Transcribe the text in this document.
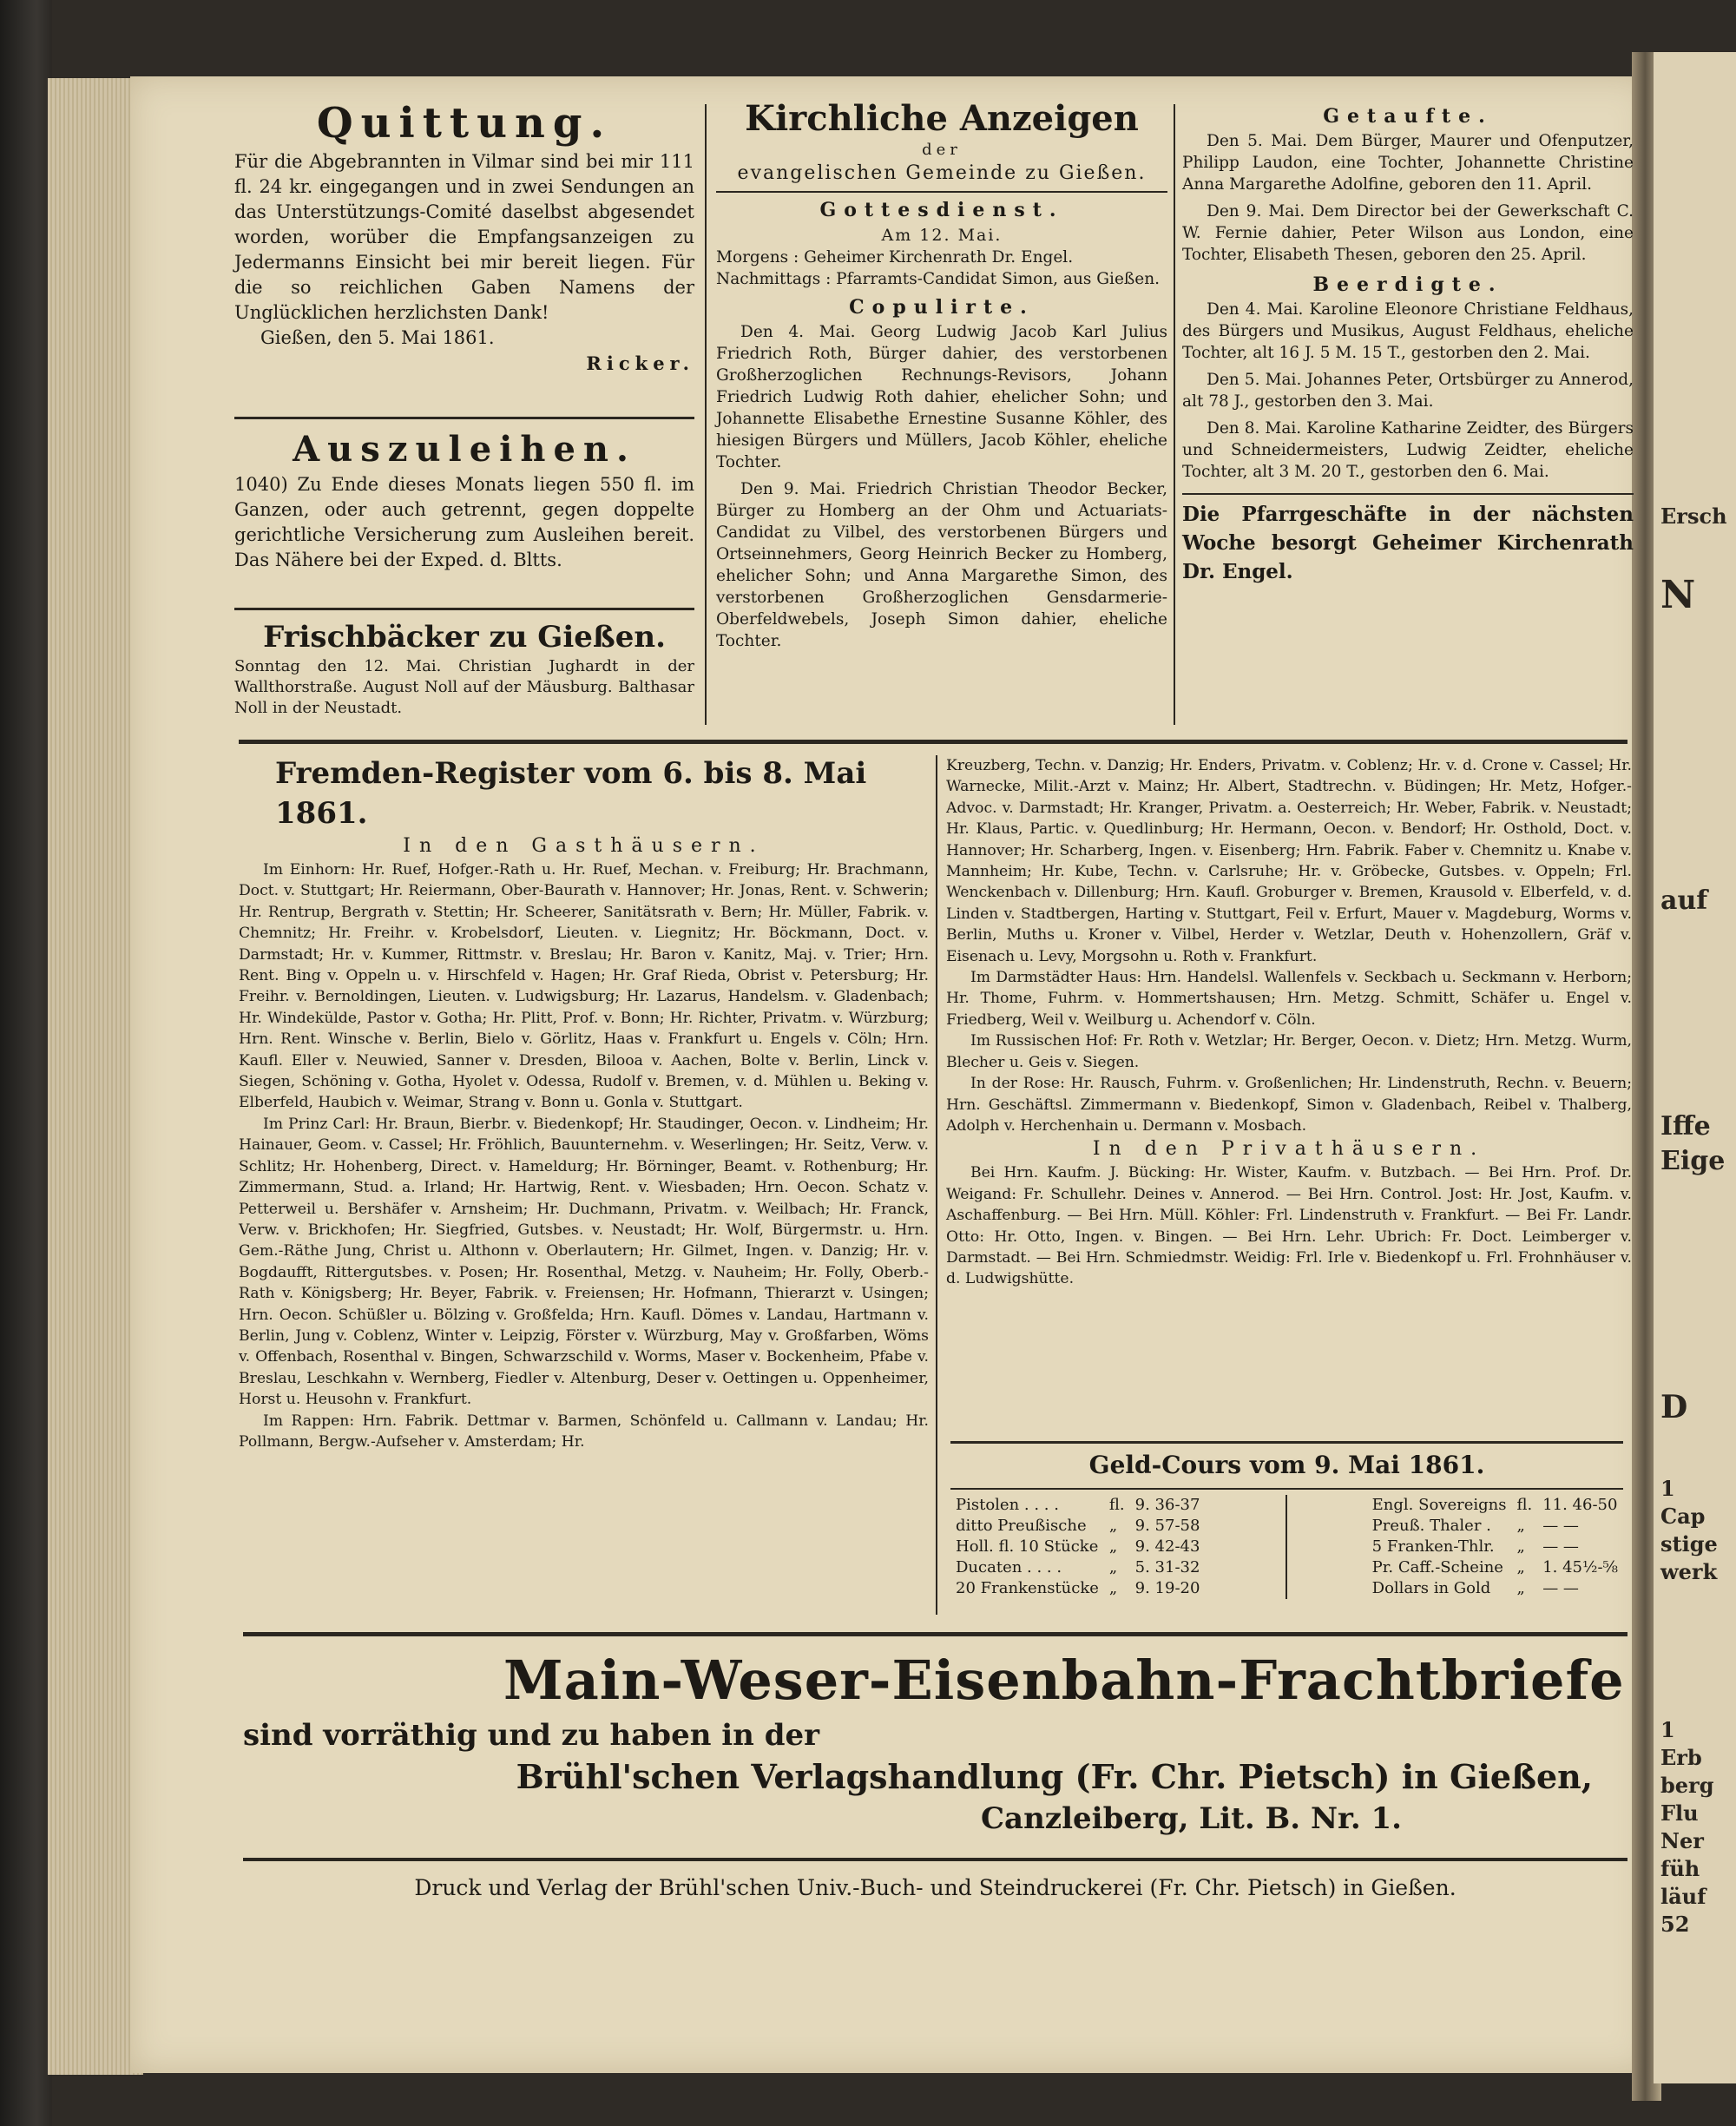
Ersch
N
auf
Iffe
Eige
D
1
Cap
stige
werk
1
Erb
berg
Flu
Ner
füh
läuf
52
Quittung.
Für die Abgebrannten in Vilmar sind bei mir 111 fl. 24 kr. eingegangen und in zwei Sendungen an das Unterstützungs-Comité daselbst abgesendet worden, worüber die Empfangsanzeigen zu Jedermanns Einsicht bei mir bereit liegen. Für die so reichlichen Gaben Namens der Unglücklichen herzlichsten Dank!
Gießen, den 5. Mai 1861.
Ricker.
Auszuleihen.
1040) Zu Ende dieses Monats liegen 550 fl. im Ganzen, oder auch getrennt, gegen doppelte gerichtliche Versicherung zum Ausleihen bereit. Das Nähere bei der Exped. d. Bltts.
Frischbäcker zu Gießen.
Sonntag den 12. Mai. Christian Jughardt in der Wallthorstraße. August Noll auf der Mäusburg. Balthasar Noll in der Neustadt.
Kirchliche Anzeigen
der
evangelischen Gemeinde zu Gießen.
Gottesdienst.
Am 12. Mai.
Morgens : Geheimer Kirchenrath Dr. Engel.
Nachmittags : Pfarramts-Candidat Simon, aus Gießen.
Copulirte.
Den 4. Mai. Georg Ludwig Jacob Karl Julius Friedrich Roth, Bürger dahier, des verstorbenen Großherzoglichen Rechnungs-Revisors, Johann Friedrich Ludwig Roth dahier, ehelicher Sohn; und Johannette Elisabethe Ernestine Susanne Köhler, des hiesigen Bürgers und Müllers, Jacob Köhler, eheliche Tochter.
Den 9. Mai. Friedrich Christian Theodor Becker, Bürger zu Homberg an der Ohm und Actuariats-Candidat zu Vilbel, des verstorbenen Bürgers und Ortseinnehmers, Georg Heinrich Becker zu Homberg, ehelicher Sohn; und Anna Margarethe Simon, des verstorbenen Großherzoglichen Gensdarmerie-Oberfeldwebels, Joseph Simon dahier, eheliche Tochter.
Getaufte.
Den 5. Mai. Dem Bürger, Maurer und Ofenputzer, Philipp Laudon, eine Tochter, Johannette Christine Anna Margarethe Adolfine, geboren den 11. April.
Den 9. Mai. Dem Director bei der Gewerkschaft C. W. Fernie dahier, Peter Wilson aus London, eine Tochter, Elisabeth Thesen, geboren den 25. April.
Beerdigte.
Den 4. Mai. Karoline Eleonore Christiane Feldhaus, des Bürgers und Musikus, August Feldhaus, eheliche Tochter, alt 16 J. 5 M. 15 T., gestorben den 2. Mai.
Den 5. Mai. Johannes Peter, Ortsbürger zu Annerod, alt 78 J., gestorben den 3. Mai.
Den 8. Mai. Karoline Katharine Zeidter, des Bürgers und Schneidermeisters, Ludwig Zeidter, eheliche Tochter, alt 3 M. 20 T., gestorben den 6. Mai.
Die Pfarrgeschäfte in der nächsten Woche besorgt Geheimer Kirchenrath Dr. Engel.
Fremden-Register vom 6. bis 8. Mai 1861.
In den Gasthäusern.
Im Einhorn: Hr. Ruef, Hofger.-Rath u. Hr. Ruef, Mechan. v. Freiburg; Hr. Brachmann, Doct. v. Stuttgart; Hr. Reiermann, Ober-Baurath v. Hannover; Hr. Jonas, Rent. v. Schwerin; Hr. Rentrup, Bergrath v. Stettin; Hr. Scheerer, Sanitätsrath v. Bern; Hr. Müller, Fabrik. v. Chemnitz; Hr. Freihr. v. Krobelsdorf, Lieuten. v. Liegnitz; Hr. Böckmann, Doct. v. Darmstadt; Hr. v. Kummer, Rittmstr. v. Breslau; Hr. Baron v. Kanitz, Maj. v. Trier; Hrn. Rent. Bing v. Oppeln u. v. Hirschfeld v. Hagen; Hr. Graf Rieda, Obrist v. Petersburg; Hr. Freihr. v. Bernoldingen, Lieuten. v. Ludwigsburg; Hr. Lazarus, Handelsm. v. Gladenbach; Hr. Windekülde, Pastor v. Gotha; Hr. Plitt, Prof. v. Bonn; Hr. Richter, Privatm. v. Würzburg; Hrn. Rent. Winsche v. Berlin, Bielo v. Görlitz, Haas v. Frankfurt u. Engels v. Cöln; Hrn. Kaufl. Eller v. Neuwied, Sanner v. Dresden, Bilooa v. Aachen, Bolte v. Berlin, Linck v. Siegen, Schöning v. Gotha, Hyolet v. Odessa, Rudolf v. Bremen, v. d. Mühlen u. Beking v. Elberfeld, Haubich v. Weimar, Strang v. Bonn u. Gonla v. Stuttgart.
Im Prinz Carl: Hr. Braun, Bierbr. v. Biedenkopf; Hr. Staudinger, Oecon. v. Lindheim; Hr. Hainauer, Geom. v. Cassel; Hr. Fröhlich, Bauunternehm. v. Weserlingen; Hr. Seitz, Verw. v. Schlitz; Hr. Hohenberg, Direct. v. Hameldurg; Hr. Börninger, Beamt. v. Rothenburg; Hr. Zimmermann, Stud. a. Irland; Hr. Hartwig, Rent. v. Wiesbaden; Hrn. Oecon. Schatz v. Petterweil u. Bershäfer v. Arnsheim; Hr. Duchmann, Privatm. v. Weilbach; Hr. Franck, Verw. v. Brickhofen; Hr. Siegfried, Gutsbes. v. Neustadt; Hr. Wolf, Bürgermstr. u. Hrn. Gem.-Räthe Jung, Christ u. Althonn v. Oberlautern; Hr. Gilmet, Ingen. v. Danzig; Hr. v. Bogdaufft, Rittergutsbes. v. Posen; Hr. Rosenthal, Metzg. v. Nauheim; Hr. Folly, Oberb.-Rath v. Königsberg; Hr. Beyer, Fabrik. v. Freiensen; Hr. Hofmann, Thierarzt v. Usingen; Hrn. Oecon. Schüßler u. Bölzing v. Großfelda; Hrn. Kaufl. Dömes v. Landau, Hartmann v. Berlin, Jung v. Coblenz, Winter v. Leipzig, Förster v. Würzburg, May v. Großfarben, Wöms v. Offenbach, Rosenthal v. Bingen, Schwarzschild v. Worms, Maser v. Bockenheim, Pfabe v. Breslau, Leschkahn v. Wernberg, Fiedler v. Altenburg, Deser v. Oettingen u. Oppenheimer, Horst u. Heusohn v. Frankfurt.
Im Rappen: Hrn. Fabrik. Dettmar v. Barmen, Schönfeld u. Callmann v. Landau; Hr. Pollmann, Bergw.-Aufseher v. Amsterdam; Hr.
Kreuzberg, Techn. v. Danzig; Hr. Enders, Privatm. v. Coblenz; Hr. v. d. Crone v. Cassel; Hr. Warnecke, Milit.-Arzt v. Mainz; Hr. Albert, Stadtrechn. v. Büdingen; Hr. Metz, Hofger.-Advoc. v. Darmstadt; Hr. Kranger, Privatm. a. Oesterreich; Hr. Weber, Fabrik. v. Neustadt; Hr. Klaus, Partic. v. Quedlinburg; Hr. Hermann, Oecon. v. Bendorf; Hr. Osthold, Doct. v. Hannover; Hr. Scharberg, Ingen. v. Eisenberg; Hrn. Fabrik. Faber v. Chemnitz u. Knabe v. Mannheim; Hr. Kube, Techn. v. Carlsruhe; Hr. v. Gröbecke, Gutsbes. v. Oppeln; Frl. Wenckenbach v. Dillenburg; Hrn. Kaufl. Groburger v. Bremen, Krausold v. Elberfeld, v. d. Linden v. Stadtbergen, Harting v. Stuttgart, Feil v. Erfurt, Mauer v. Magdeburg, Worms v. Berlin, Muths u. Kroner v. Vilbel, Herder v. Wetzlar, Deuth v. Hohenzollern, Gräf v. Eisenach u. Levy, Morgsohn u. Roth v. Frankfurt.
Im Darmstädter Haus: Hrn. Handelsl. Wallenfels v. Seckbach u. Seckmann v. Herborn; Hr. Thome, Fuhrm. v. Hommertshausen; Hrn. Metzg. Schmitt, Schäfer u. Engel v. Friedberg, Weil v. Weilburg u. Achendorf v. Cöln.
Im Russischen Hof: Fr. Roth v. Wetzlar; Hr. Berger, Oecon. v. Dietz; Hrn. Metzg. Wurm, Blecher u. Geis v. Siegen.
In der Rose: Hr. Rausch, Fuhrm. v. Großenlichen; Hr. Lindenstruth, Rechn. v. Beuern; Hrn. Geschäftsl. Zimmermann v. Biedenkopf, Simon v. Gladenbach, Reibel v. Thalberg, Adolph v. Herchenhain u. Dermann v. Mosbach.
In den Privathäusern.
Bei Hrn. Kaufm. J. Bücking: Hr. Wister, Kaufm. v. Butzbach. — Bei Hrn. Prof. Dr. Weigand: Fr. Schullehr. Deines v. Annerod. — Bei Hrn. Control. Jost: Hr. Jost, Kaufm. v. Aschaffenburg. — Bei Hrn. Müll. Köhler: Frl. Lindenstruth v. Frankfurt. — Bei Fr. Landr. Otto: Hr. Otto, Ingen. v. Bingen. — Bei Hrn. Lehr. Ubrich: Fr. Doct. Leimberger v. Darmstadt. — Bei Hrn. Schmiedmstr. Weidig: Frl. Irle v. Biedenkopf u. Frl. Frohnhäuser v. d. Ludwigshütte.
Geld-Cours vom 9. Mai 1861.
Pistolen . . . .	fl.	9. 36-37
ditto Preußische	„	9. 57-58
Holl. fl. 10 Stücke	„	9. 42-43
Ducaten . . . .	„	5. 31-32
20 Frankenstücke	„	9. 19-20
Engl. Sovereigns	fl.	11. 46-50
Preuß. Thaler .	„	— —
5 Franken-Thlr.	„	— —
Pr. Caff.-Scheine	„	1. 45½-⅝
Dollars in Gold	„	— —
Main-Weser-Eisenbahn-Frachtbriefe
sind vorräthig und zu haben in der
Brühl'schen Verlagshandlung (Fr. Chr. Pietsch) in Gießen,
Canzleiberg, Lit. B. Nr. 1.
Druck und Verlag der Brühl'schen Univ.-Buch- und Steindruckerei (Fr. Chr. Pietsch) in Gießen.
